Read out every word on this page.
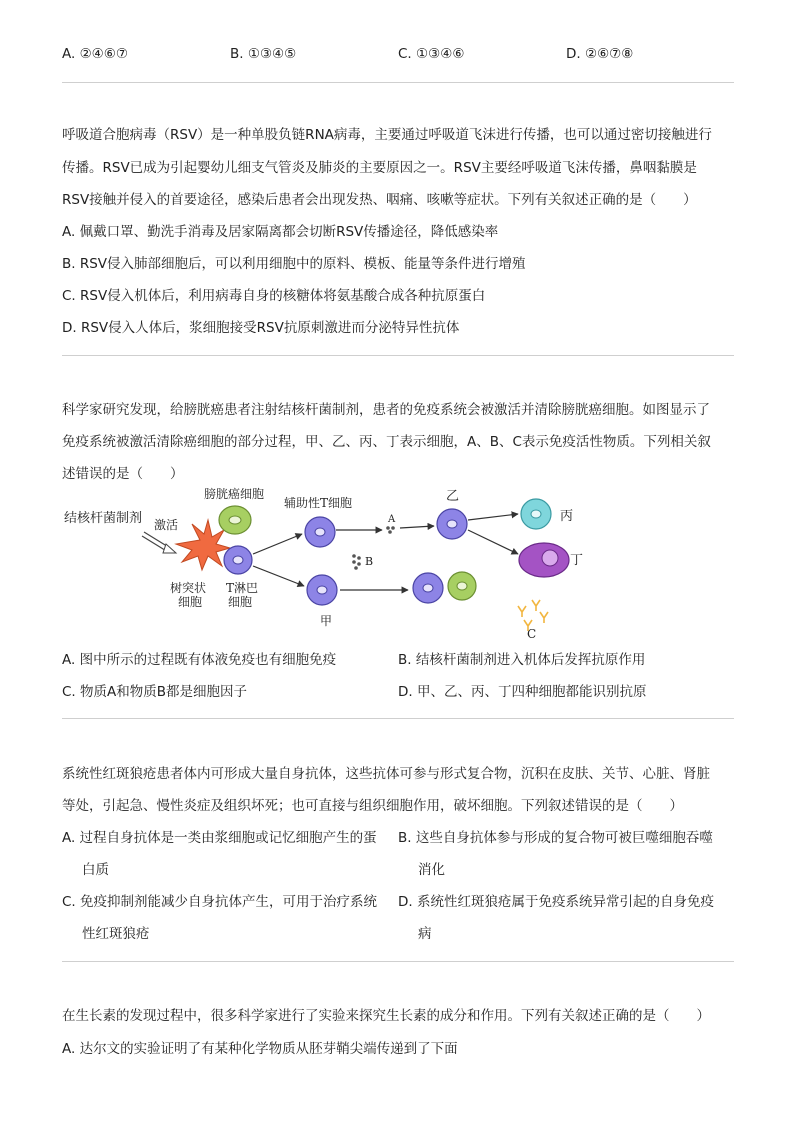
A. ②④⑥⑦	B. ①③④⑤	C. ①③④⑥	D. ②⑥⑦⑧
呼吸道合胞病毒（RSV）是一种单股负链RNA病毒，主要通过呼吸道飞沫进行传播，也可以通过密切接触进行
传播。RSV已成为引起婴幼儿细支气管炎及肺炎的主要原因之一。RSV主要经呼吸道飞沫传播，鼻咽黏膜是
RSV接触并侵入的首要途径，感染后患者会出现发热、咽痛、咳嗽等症状。下列有关叙述正确的是（　　）
A. 佩戴口罩、勤洗手消毒及居家隔离都会切断RSV传播途径，降低感染率
B. RSV侵入肺部细胞后，可以利用细胞中的原料、模板、能量等条件进行增殖
C. RSV侵入机体后，利用病毒自身的核糖体将氨基酸合成各种抗原蛋白
D. RSV侵入人体后，浆细胞接受RSV抗原刺激进而分泌特异性抗体
科学家研究发现，给膀胱癌患者注射结核杆菌制剂，患者的免疫系统会被激活并清除膀胱癌细胞。如图显示了
免疫系统被激活清除癌细胞的部分过程，甲、乙、丙、丁表示细胞，A、B、C表示免疫活性物质。下列相关叙
述错误的是（　　）
结核杆菌制剂 激活
膀胱癌细胞
辅助性T细胞
树突状
细胞
T淋巴
细胞
A
B
C
乙
丙
丁
甲
A. 图中所示的过程既有体液免疫也有细胞免疫	B. 结核杆菌制剂进入机体后发挥抗原作用
C. 物质A和物质B都是细胞因子	D. 甲、乙、丙、丁四种细胞都能识别抗原
系统性红斑狼疮患者体内可形成大量自身抗体，这些抗体可参与形式复合物，沉积在皮肤、关节、心脏、肾脏
等处，引起急、慢性炎症及组织坏死；也可直接与组织细胞作用，破坏细胞。下列叙述错误的是（　　）
A. 过程自身抗体是一类由浆细胞或记忆细胞产生的蛋
白质
B. 这些自身抗体参与形成的复合物可被巨噬细胞吞噬
消化
C. 免疫抑制剂能减少自身抗体产生，可用于治疗系统
性红斑狼疮
D. 系统性红斑狼疮属于免疫系统异常引起的自身免疫
病
在生长素的发现过程中，很多科学家进行了实验来探究生长素的成分和作用。下列有关叙述正确的是（　　）
A. 达尔文的实验证明了有某种化学物质从胚芽鞘尖端传递到了下面
